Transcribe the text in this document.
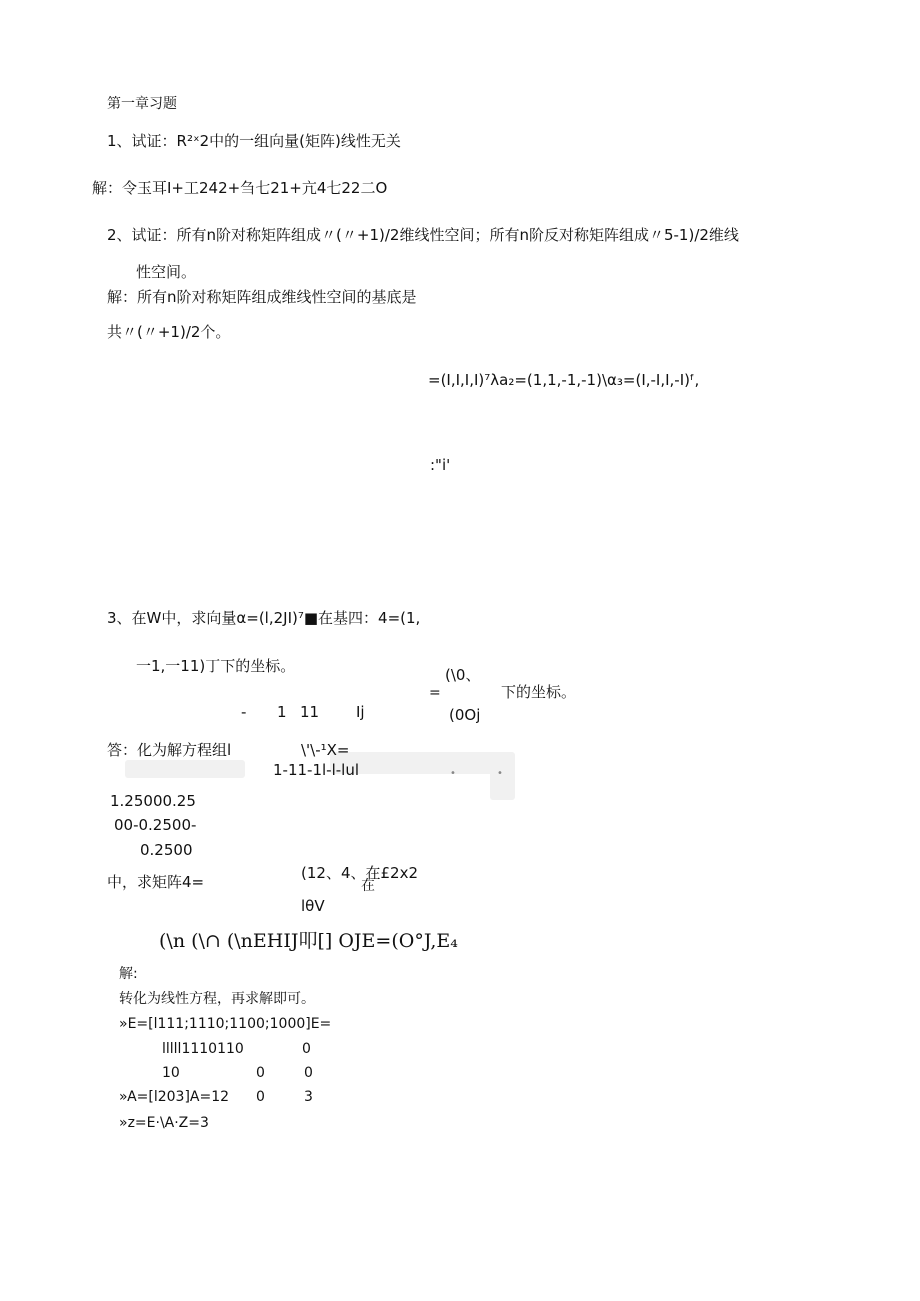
•	•
第一章习题
1、试证：R²ˣ2中的一组向量(矩阵)线性无关
解：令玉耳I+工242+刍七21+亢4七22二O
2、试证：所有n阶对称矩阵组成〃(〃+1)/2维线性空间；所有n阶反对称矩阵组成〃5-1)/2维线
性空间。
解：所有n阶对称矩阵组成维线性空间的基底是
共〃(〃+1)/2个。
=(I,I,I,I)⁷λa₂=(1,1,-1,-1)\α₃=(I,-I,I,-I)ᶠ,
:"i'
3、在W中，求向量α=(l,2JI)⁷■在基四：4=(1,
一1,一11)丁下的坐标。
- 1 11 Ij
=
(\0、
(0Oj
下的坐标。
答：化为解方程组l	\'\-¹X=
1-11-1l-l-lul
1.25000.25
00-0.2500-
0.2500
中，求矩阵4=	(12、4、在£2x2
在
lθV
(\n (\∩ (\nEHIJ叩[] OJE=(O°J,E₄
解:
转化为线性方程，再求解即可。
»E=[l111;1110;1100;1000]E=
lllll1110110	0
10	0	0
»A=[l203]A=12 0	3
»z=E·\A·Z=3
